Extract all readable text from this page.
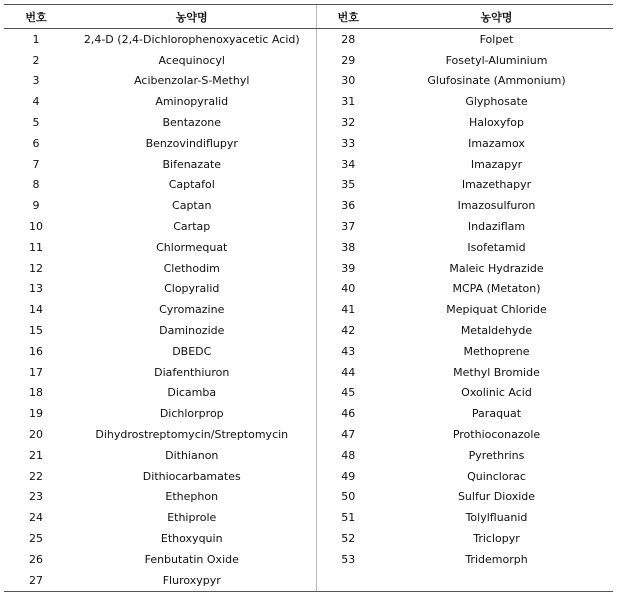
번호	농약명	번호	농약명
1	2,4-D (2,4-Dichlorophenoxyacetic Acid)	28	Folpet
2	Acequinocyl	29	Fosetyl-Aluminium
3	Acibenzolar-S-Methyl	30	Glufosinate (Ammonium)
4	Aminopyralid	31	Glyphosate
5	Bentazone	32	Haloxyfop
6	Benzovindiflupyr	33	Imazamox
7	Bifenazate	34	Imazapyr
8	Captafol	35	Imazethapyr
9	Captan	36	Imazosulfuron
10	Cartap	37	Indaziflam
11	Chlormequat	38	Isofetamid
12	Clethodim	39	Maleic Hydrazide
13	Clopyralid	40	MCPA (Metaton)
14	Cyromazine	41	Mepiquat Chloride
15	Daminozide	42	Metaldehyde
16	DBEDC	43	Methoprene
17	Diafenthiuron	44	Methyl Bromide
18	Dicamba	45	Oxolinic Acid
19	Dichlorprop	46	Paraquat
20	Dihydrostreptomycin/Streptomycin	47	Prothioconazole
21	Dithianon	48	Pyrethrins
22	Dithiocarbamates	49	Quinclorac
23	Ethephon	50	Sulfur Dioxide
24	Ethiprole	51	Tolylfluanid
25	Ethoxyquin	52	Triclopyr
26	Fenbutatin Oxide	53	Tridemorph
27	Fluroxypyr		
